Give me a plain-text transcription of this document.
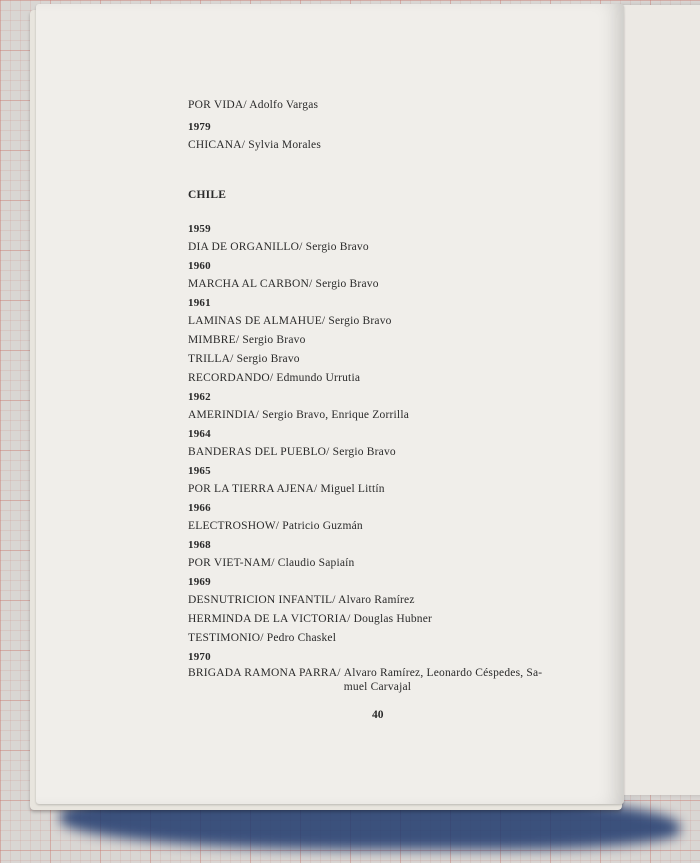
POR VIDA/ Adolfo Vargas

1979

CHICANA/ Sylvia Morales

CHILE

1959

DIA DE ORGANILLO/ Sergio Bravo

1960

MARCHA AL CARBON/ Sergio Bravo

1961

LAMINAS DE ALMAHUE/ Sergio Bravo

MIMBRE/ Sergio Bravo

TRILLA/ Sergio Bravo

RECORDANDO/ Edmundo Urrutia

1962

AMERINDIA/ Sergio Bravo, Enrique Zorrilla

1964

BANDERAS DEL PUEBLO/ Sergio Bravo

1965

POR LA TIERRA AJENA/ Miguel Littín

1966

ELECTROSHOW/ Patricio Guzmán

1968

POR VIET-NAM/ Claudio Sapiaín

1969

DESNUTRICION INFANTIL/ Alvaro Ramírez

HERMINDA DE LA VICTORIA/ Douglas Hubner

TESTIMONIO/ Pedro Chaskel

1970

BRIGADA RAMONA PARRA/ Alvaro Ramírez, Leonardo Céspedes, Sa-muel Carvajal

40
